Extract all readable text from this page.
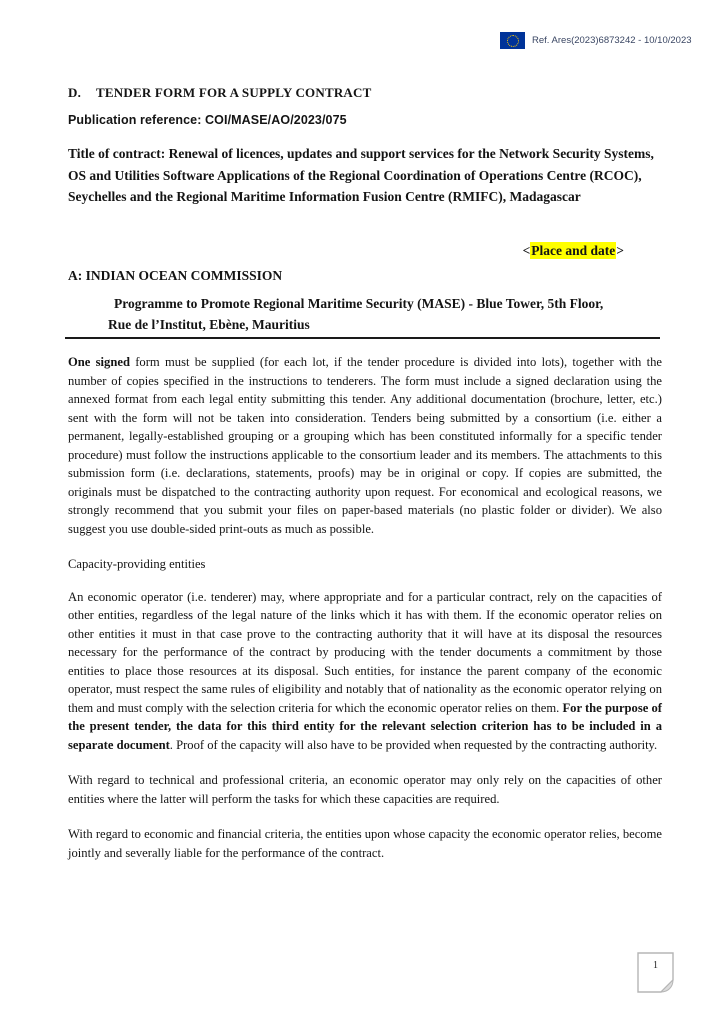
Ref. Ares(2023)6873242 - 10/10/2023
D. TENDER FORM FOR A SUPPLY CONTRACT
Publication reference: COI/MASE/AO/2023/075
Title of contract: Renewal of licences, updates and support services for the Network Security Systems, OS and Utilities Software Applications of the Regional Coordination of Operations Centre (RCOC), Seychelles and the Regional Maritime Information Fusion Centre (RMIFC), Madagascar
<Place and date>
A: INDIAN OCEAN COMMISSION
Programme to Promote Regional Maritime Security (MASE) - Blue Tower, 5th Floor, Rue de l’Institut, Ebène, Mauritius

One signed form must be supplied (for each lot, if the tender procedure is divided into lots), together with the number of copies specified in the instructions to tenderers. The form must include a signed declaration using the annexed format from each legal entity submitting this tender. Any additional documentation (brochure, letter, etc.) sent with the form will not be taken into consideration. Tenders being submitted by a consortium (i.e. either a permanent, legally-established grouping or a grouping which has been constituted informally for a specific tender procedure) must follow the instructions applicable to the consortium leader and its members. The attachments to this submission form (i.e. declarations, statements, proofs) may be in original or copy. If copies are submitted, the originals must be dispatched to the contracting authority upon request. For economical and ecological reasons, we strongly recommend that you submit your files on paper-based materials (no plastic folder or divider). We also suggest you use double-sided print-outs as much as possible.

Capacity-providing entities

An economic operator (i.e. tenderer) may, where appropriate and for a particular contract, rely on the capacities of other entities, regardless of the legal nature of the links which it has with them. If the economic operator relies on other entities it must in that case prove to the contracting authority that it will have at its disposal the resources necessary for the performance of the contract by producing with the tender documents a commitment by those entities to place those resources at its disposal. Such entities, for instance the parent company of the economic operator, must respect the same rules of eligibility and notably that of nationality as the economic operator relying on them and must comply with the selection criteria for which the economic operator relies on them. For the purpose of the present tender, the data for this third entity for the relevant selection criterion has to be included in a separate document. Proof of the capacity will also have to be provided when requested by the contracting authority.

With regard to technical and professional criteria, an economic operator may only rely on the capacities of other entities where the latter will perform the tasks for which these capacities are required.

With regard to economic and financial criteria, the entities upon whose capacity the economic operator relies, become jointly and severally liable for the performance of the contract.

1
